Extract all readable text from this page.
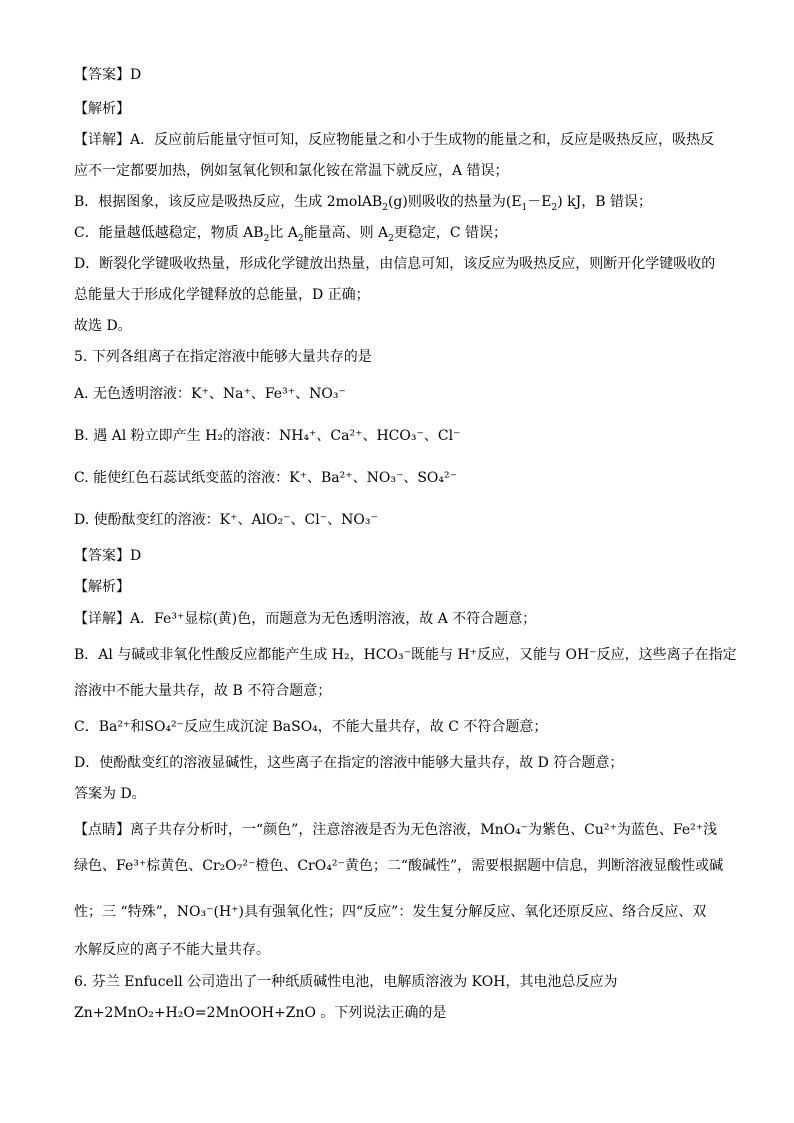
【答案】D
【解析】
【详解】A．反应前后能量守恒可知，反应物能量之和小于生成物的能量之和，反应是吸热反应，吸热反
应不一定都要加热，例如氢氧化钡和氯化铵在常温下就反应，A 错误；
B．根据图象，该反应是吸热反应，生成 2molAB$_2$(g)则吸收的热量为$(E_1-E_2)$ kJ，B 错误；
C．能量越低越稳定，物质 $AB_2$比 $A_2$能量高、则 $A_2$更稳定，C 错误；
D．断裂化学键吸收热量，形成化学键放出热量，由信息可知，该反应为吸热反应，则断开化学键吸收的
总能量大于形成化学键释放的总能量，D 正确；
故选 D。
5. 下列各组离子在指定溶液中能够大量共存的是
A. 无色透明溶液：K⁺、Na⁺、Fe³⁺、NO₃⁻
B. 遇 Al 粉立即产生 H₂的溶液：NH₄⁺、Ca²⁺、HCO₃⁻、Cl⁻
C. 能使红色石蕊试纸变蓝的溶液：K⁺、Ba²⁺、NO₃⁻、SO₄²⁻
D. 使酚酞变红的溶液：K⁺、AlO₂⁻、Cl⁻、NO₃⁻
【答案】D
【解析】
【详解】A．Fe³⁺显棕(黄)色，而题意为无色透明溶液，故 A 不符合题意；
B．Al 与碱或非氧化性酸反应都能产生成 H₂，HCO₃⁻既能与 H⁺反应，又能与 OH⁻反应，这些离子在指定
溶液中不能大量共存，故 B 不符合题意；
C．Ba²⁺和SO₄²⁻反应生成沉淀 BaSO₄，不能大量共存，故 C 不符合题意；
D．使酚酞变红的溶液显碱性，这些离子在指定的溶液中能够大量共存，故 D 符合题意；
答案为 D。
【点睛】离子共存分析时，一“颜色”，注意溶液是否为无色溶液，MnO₄⁻为紫色、Cu²⁺为蓝色、Fe²⁺浅
绿色、Fe³⁺棕黄色、Cr₂O₇²⁻橙色、CrO₄²⁻黄色；二“酸碱性”，需要根据题中信息，判断溶液显酸性或碱
性；三 “特殊”，NO₃⁻(H⁺)具有强氧化性；四“反应”：发生复分解反应、氧化还原反应、络合反应、双
水解反应的离子不能大量共存。
6. 芬兰 Enfucell 公司造出了一种纸质碱性电池，电解质溶液为 KOH，其电池总反应为
Zn+2MnO₂+H₂O=2MnOOH+ZnO 。下列说法正确的是
